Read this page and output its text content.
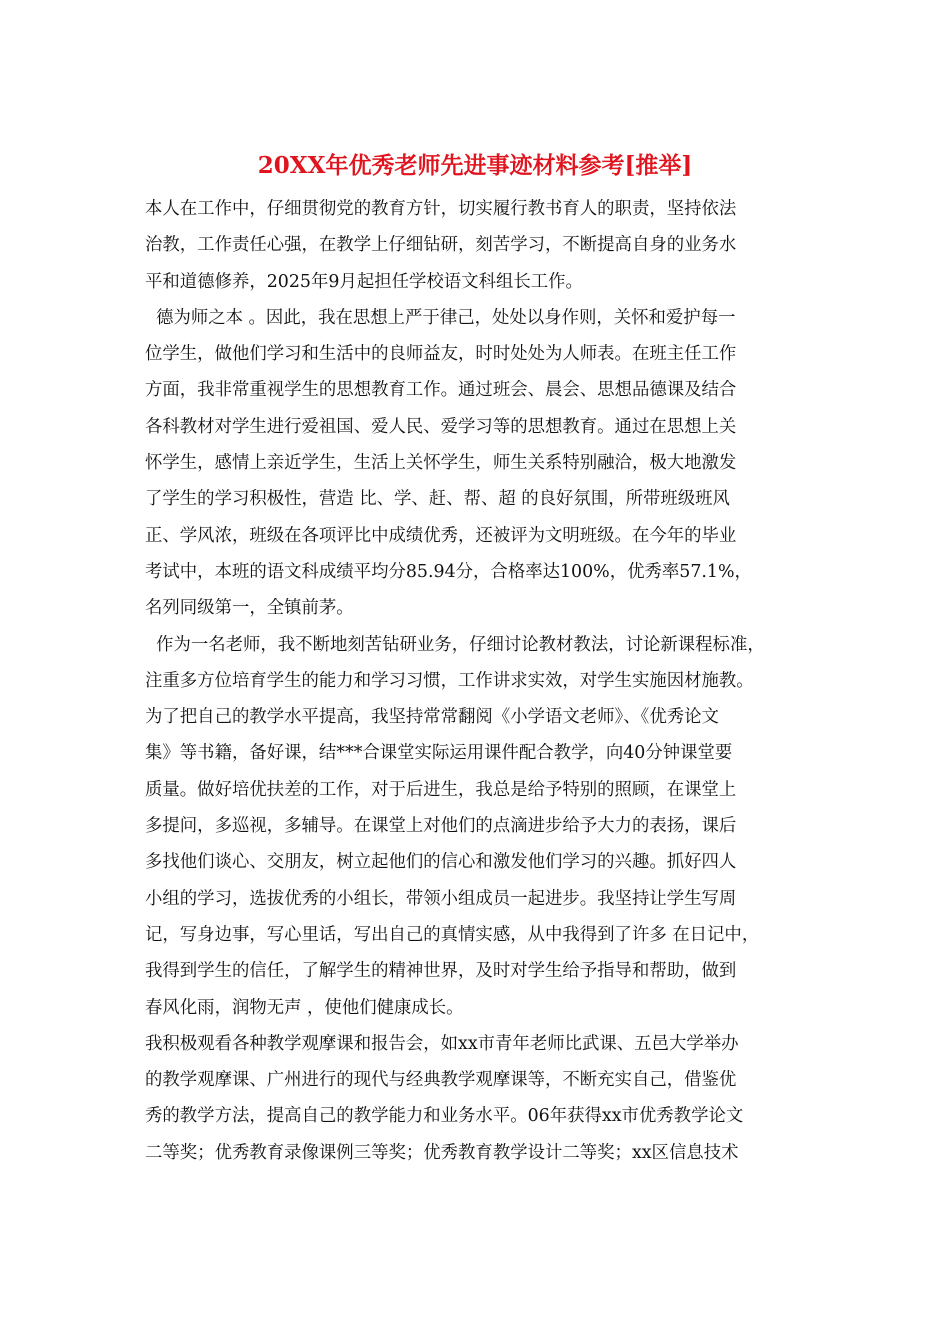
20XX年优秀老师先进事迹材料参考[推举]
本人在工作中，仔细贯彻党的教育方针，切实履行教书育人的职责，坚持依法
治教，工作责任心强，在教学上仔细钻研，刻苦学习，不断提高自身的业务水
平和道德修养，2025年9月起担任学校语文科组长工作。
德为师之本 。因此，我在思想上严于律己，处处以身作则，关怀和爱护每一
位学生，做他们学习和生活中的良师益友，时时处处为人师表。在班主任工作
方面，我非常重视学生的思想教育工作。通过班会、晨会、思想品德课及结合
各科教材对学生进行爱祖国、爱人民、爱学习等的思想教育。通过在思想上关
怀学生，感情上亲近学生，生活上关怀学生，师生关系特别融洽，极大地激发
了学生的学习积极性，营造 比、学、赶、帮、超 的良好氛围，所带班级班风
正、学风浓，班级在各项评比中成绩优秀，还被评为文明班级。在今年的毕业
考试中，本班的语文科成绩平均分85.94分，合格率达100%，优秀率57.1%，
名列同级第一，全镇前茅。
作为一名老师，我不断地刻苦钻研业务，仔细讨论教材教法，讨论新课程标准，
注重多方位培育学生的能力和学习习惯，工作讲求实效，对学生实施因材施教。
为了把自己的教学水平提高，我坚持常常翻阅《小学语文老师》、《优秀论文
集》等书籍，备好课，结***合课堂实际运用课件配合教学，向40分钟课堂要
质量。做好培优扶差的工作，对于后进生，我总是给予特别的照顾，在课堂上
多提问，多巡视，多辅导。在课堂上对他们的点滴进步给予大力的表扬，课后
多找他们谈心、交朋友，树立起他们的信心和激发他们学习的兴趣。抓好四人
小组的学习，选拔优秀的小组长，带领小组成员一起进步。我坚持让学生写周
记，写身边事，写心里话，写出自己的真情实感，从中我得到了许多 在日记中，
我得到学生的信任，了解学生的精神世界，及时对学生给予指导和帮助，做到
春风化雨，润物无声 ，使他们健康成长。
我积极观看各种教学观摩课和报告会，如xx市青年老师比武课、五邑大学举办
的教学观摩课、广州进行的现代与经典教学观摩课等，不断充实自己，借鉴优
秀的教学方法，提高自己的教学能力和业务水平。06年获得xx市优秀教学论文
二等奖；优秀教育录像课例三等奖；优秀教育教学设计二等奖；xx区信息技术
